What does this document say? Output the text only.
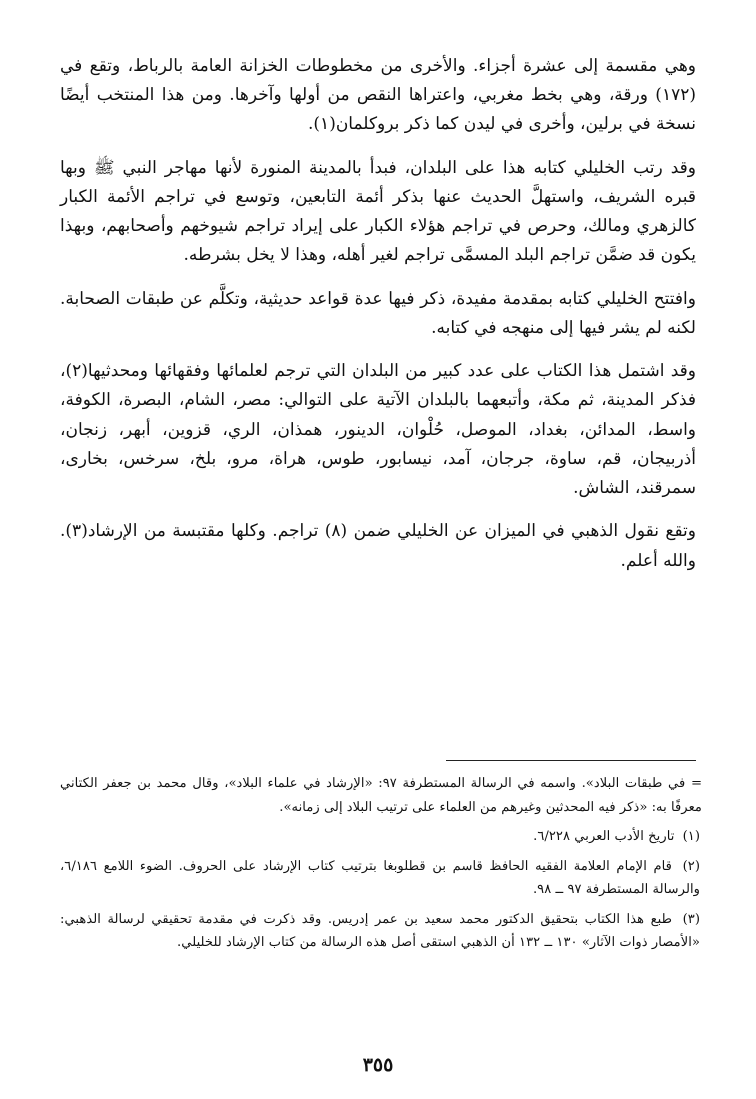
وهي مقسمة إلى عشرة أجزاء. والأخرى من مخطوطات الخزانة العامة بالرباط، وتقع في (١٧٢) ورقة، وهي بخط مغربي، واعتراها النقص من أولها وآخرها. ومن هذا المنتخب أيضًا نسخة في برلين، وأخرى في ليدن كما ذكر بروكلمان(١).

وقد رتب الخليلي كتابه هذا على البلدان، فبدأ بالمدينة المنورة لأنها مهاجر النبي ﷺ وبها قبره الشريف، واستهلَّ الحديث عنها بذكر أئمة التابعين، وتوسع في تراجم الأئمة الكبار كالزهري ومالك، وحرص في تراجم هؤلاء الكبار على إيراد تراجم شيوخهم وأصحابهم، وبهذا يكون قد ضمَّن تراجم البلد المسمَّى تراجم لغير أهله، وهذا لا يخل بشرطه.

وافتتح الخليلي كتابه بمقدمة مفيدة، ذكر فيها عدة قواعد حديثية، وتكلَّم عن طبقات الصحابة. لكنه لم يشر فيها إلى منهجه في كتابه.

وقد اشتمل هذا الكتاب على عدد كبير من البلدان التي ترجم لعلمائها وفقهائها ومحدثيها(٢)، فذكر المدينة، ثم مكة، وأتبعهما بالبلدان الآتية على التوالي: مصر، الشام، البصرة، الكوفة، واسط، المدائن، بغداد، الموصل، حُلْوان، الدينور، همذان، الري، قزوين، أبهر، زنجان، أذربيجان، قم، ساوة، جرجان، آمد، نيسابور، طوس، هراة، مرو، بلخ، سرخس، بخارى، سمرقند، الشاش.

وتقع نقول الذهبي في الميزان عن الخليلي ضمن (٨) تراجم. وكلها مقتبسة من الإرشاد(٣). والله أعلم.

= في طبقات البلاد». واسمه في الرسالة المستطرفة ٩٧: «الإرشاد في علماء البلاد»، وقال محمد بن جعفر الكتاني معرفًا به: «ذكر فيه المحدثين وغيرهم من العلماء على ترتيب البلاد إلى زمانه».

(١) تاريخ الأدب العربي ٦/٢٢٨.

(٢) قام الإمام العلامة الفقيه الحافظ قاسم بن قطلوبغا بترتيب كتاب الإرشاد على الحروف. الضوء اللامع ٦/١٨٦، والرسالة المستطرفة ٩٧ ــ ٩٨.

(٣) طبع هذا الكتاب بتحقيق الدكتور محمد سعيد بن عمر إدريس. وقد ذكرت في مقدمة تحقيقي لرسالة الذهبي: «الأمصار ذوات الآثار» ١٣٠ ــ ١٣٢ أن الذهبي استقى أصل هذه الرسالة من كتاب الإرشاد للخليلي.

٣٥٥
